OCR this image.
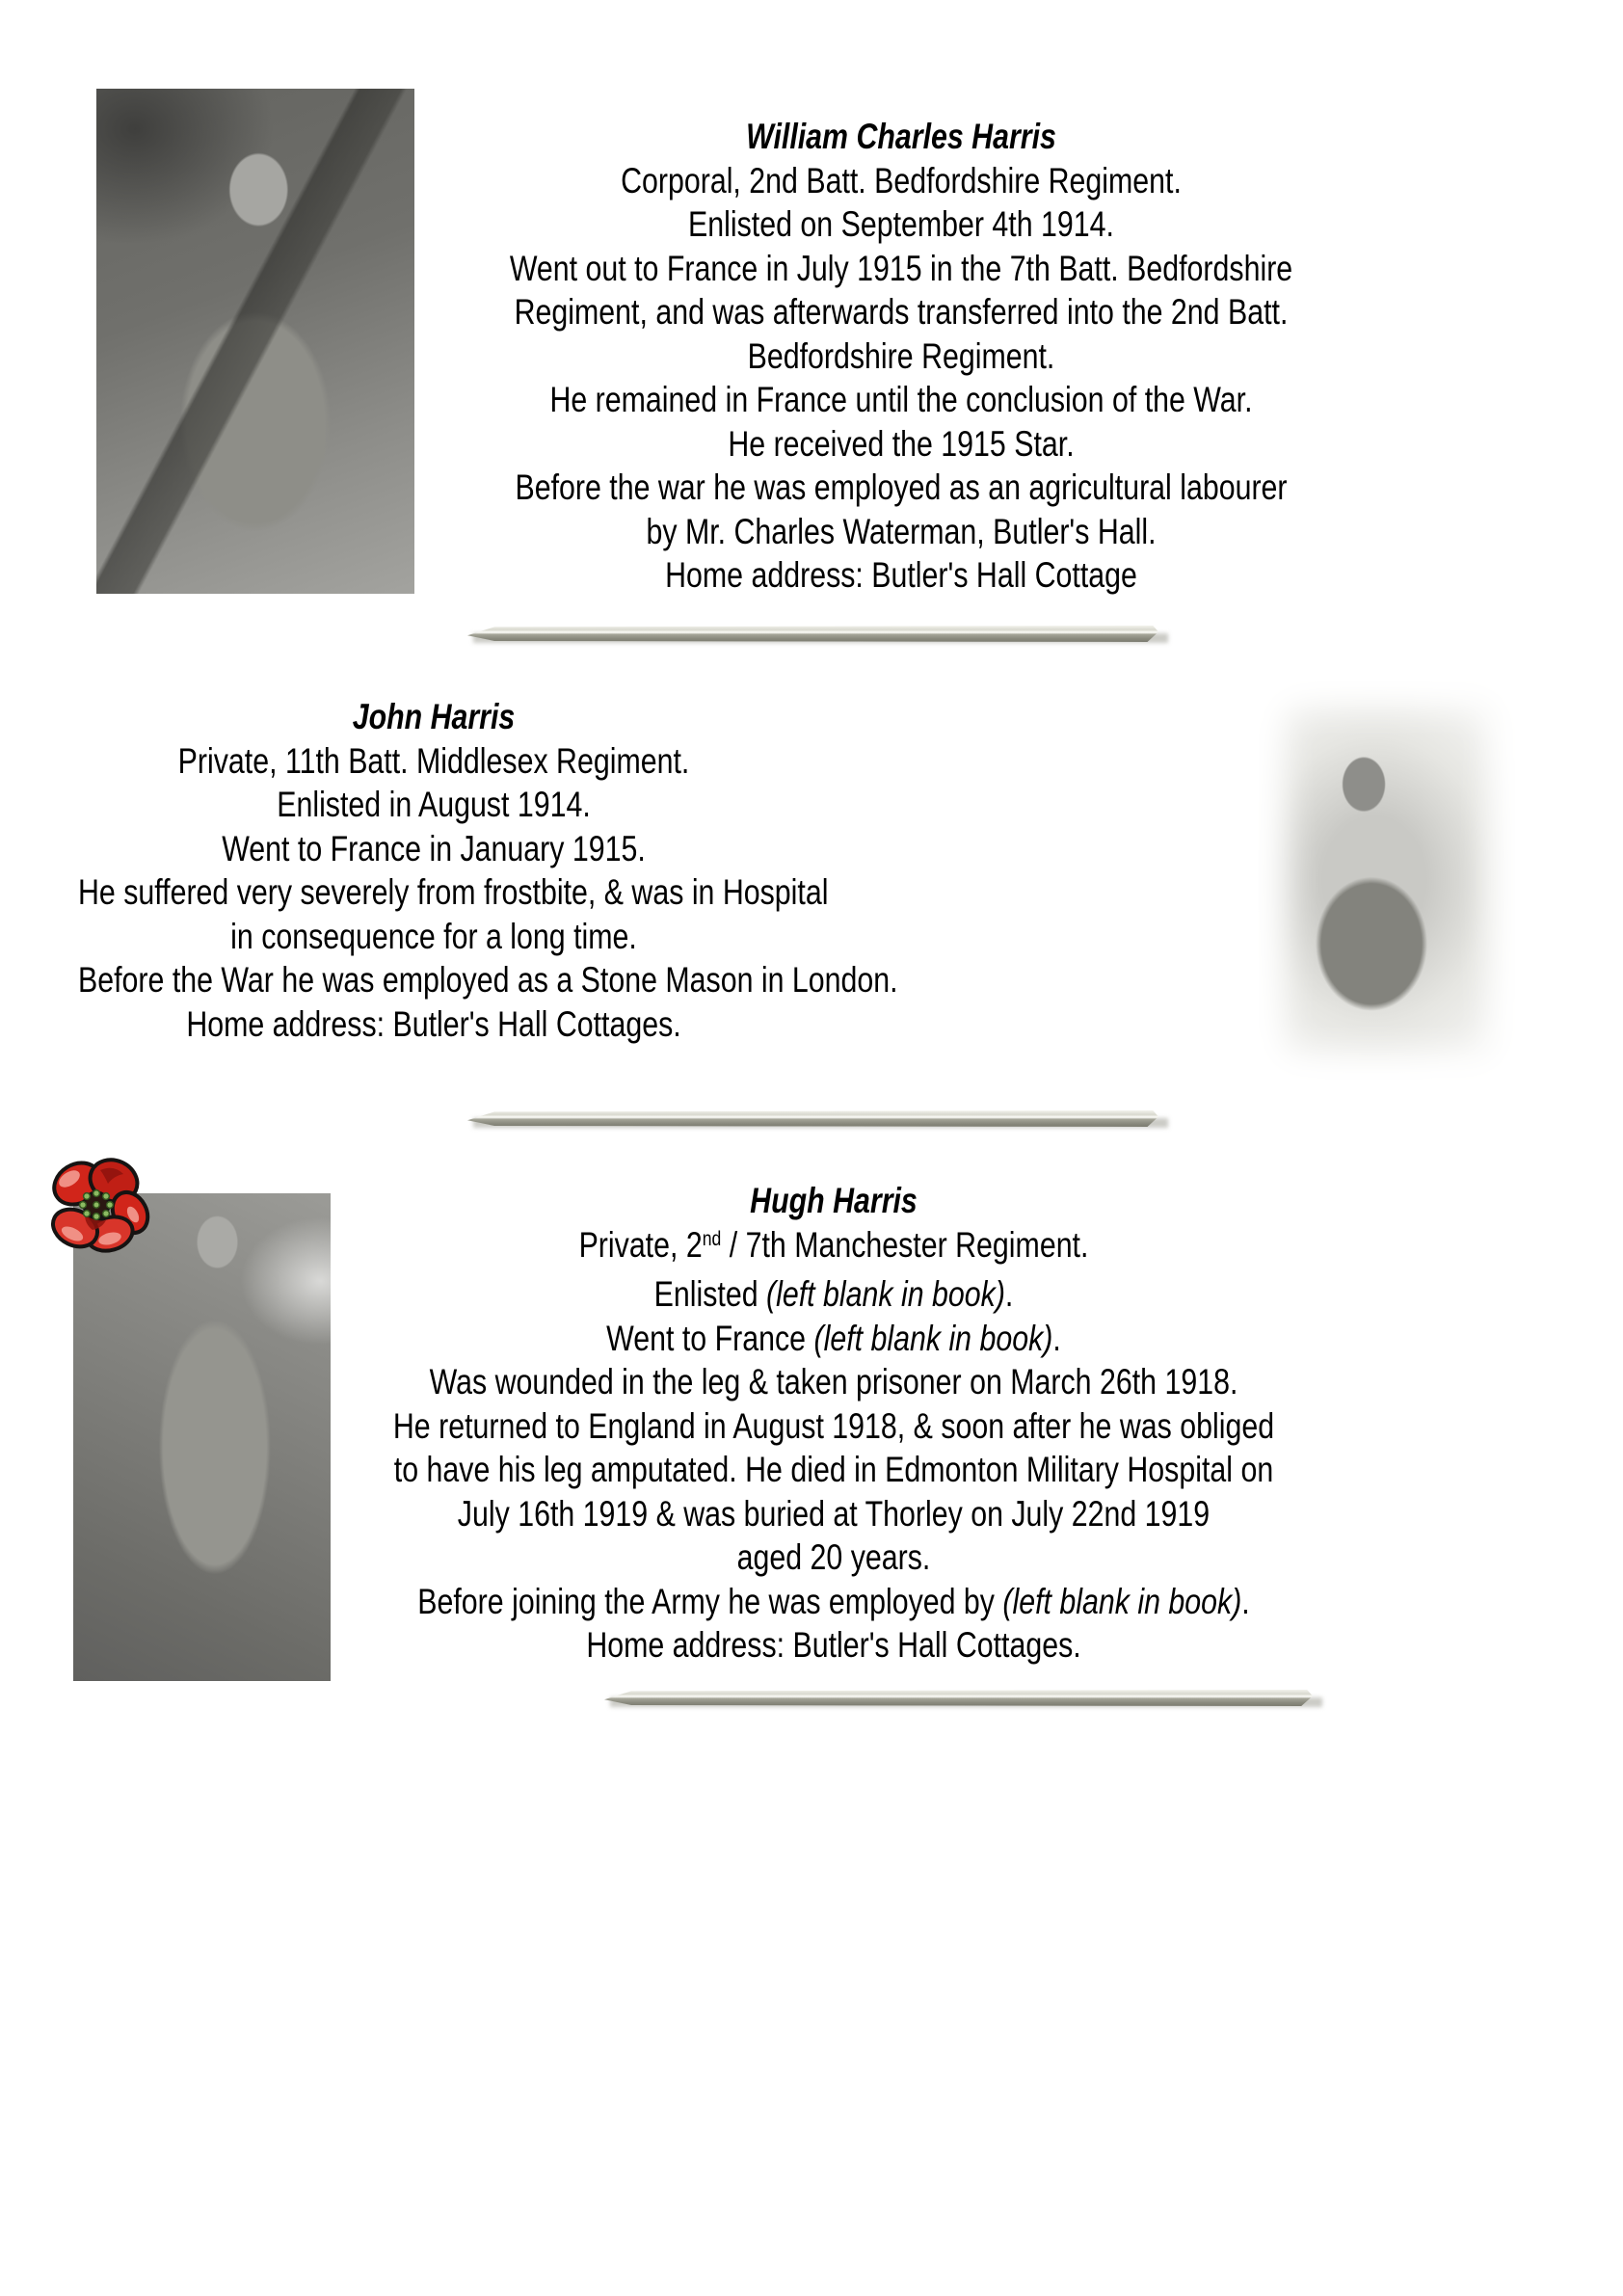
William Charles Harris
Corporal, 2nd Batt. Bedfordshire Regiment.
Enlisted on September 4th 1914.
Went out to France in July 1915 in the 7th Batt. Bedfordshire
Regiment, and was afterwards transferred into the 2nd Batt.
Bedfordshire Regiment.
He remained in France until the conclusion of the War.
He received the 1915 Star.
Before the war he was employed as an agricultural labourer
by Mr. Charles Waterman, Butler's Hall.
Home address: Butler's Hall Cottage
John Harris
Private, 11th Batt. Middlesex Regiment.
Enlisted in August 1914.
Went to France in January 1915.
He suffered very severely from frostbite, & was in Hospital
in consequence for a long time.
Before the War he was employed as a Stone Mason in London.
Home address: Butler's Hall Cottages.
Hugh Harris
Private, 2nd / 7th Manchester Regiment.
Enlisted (left blank in book).
Went to France (left blank in book).
Was wounded in the leg & taken prisoner on March 26th 1918.
He returned to England in August 1918, & soon after he was obliged
to have his leg amputated. He died in Edmonton Military Hospital on
July 16th 1919 & was buried at Thorley on July 22nd 1919
aged 20 years.
Before joining the Army he was employed by (left blank in book).
Home address: Butler's Hall Cottages.
